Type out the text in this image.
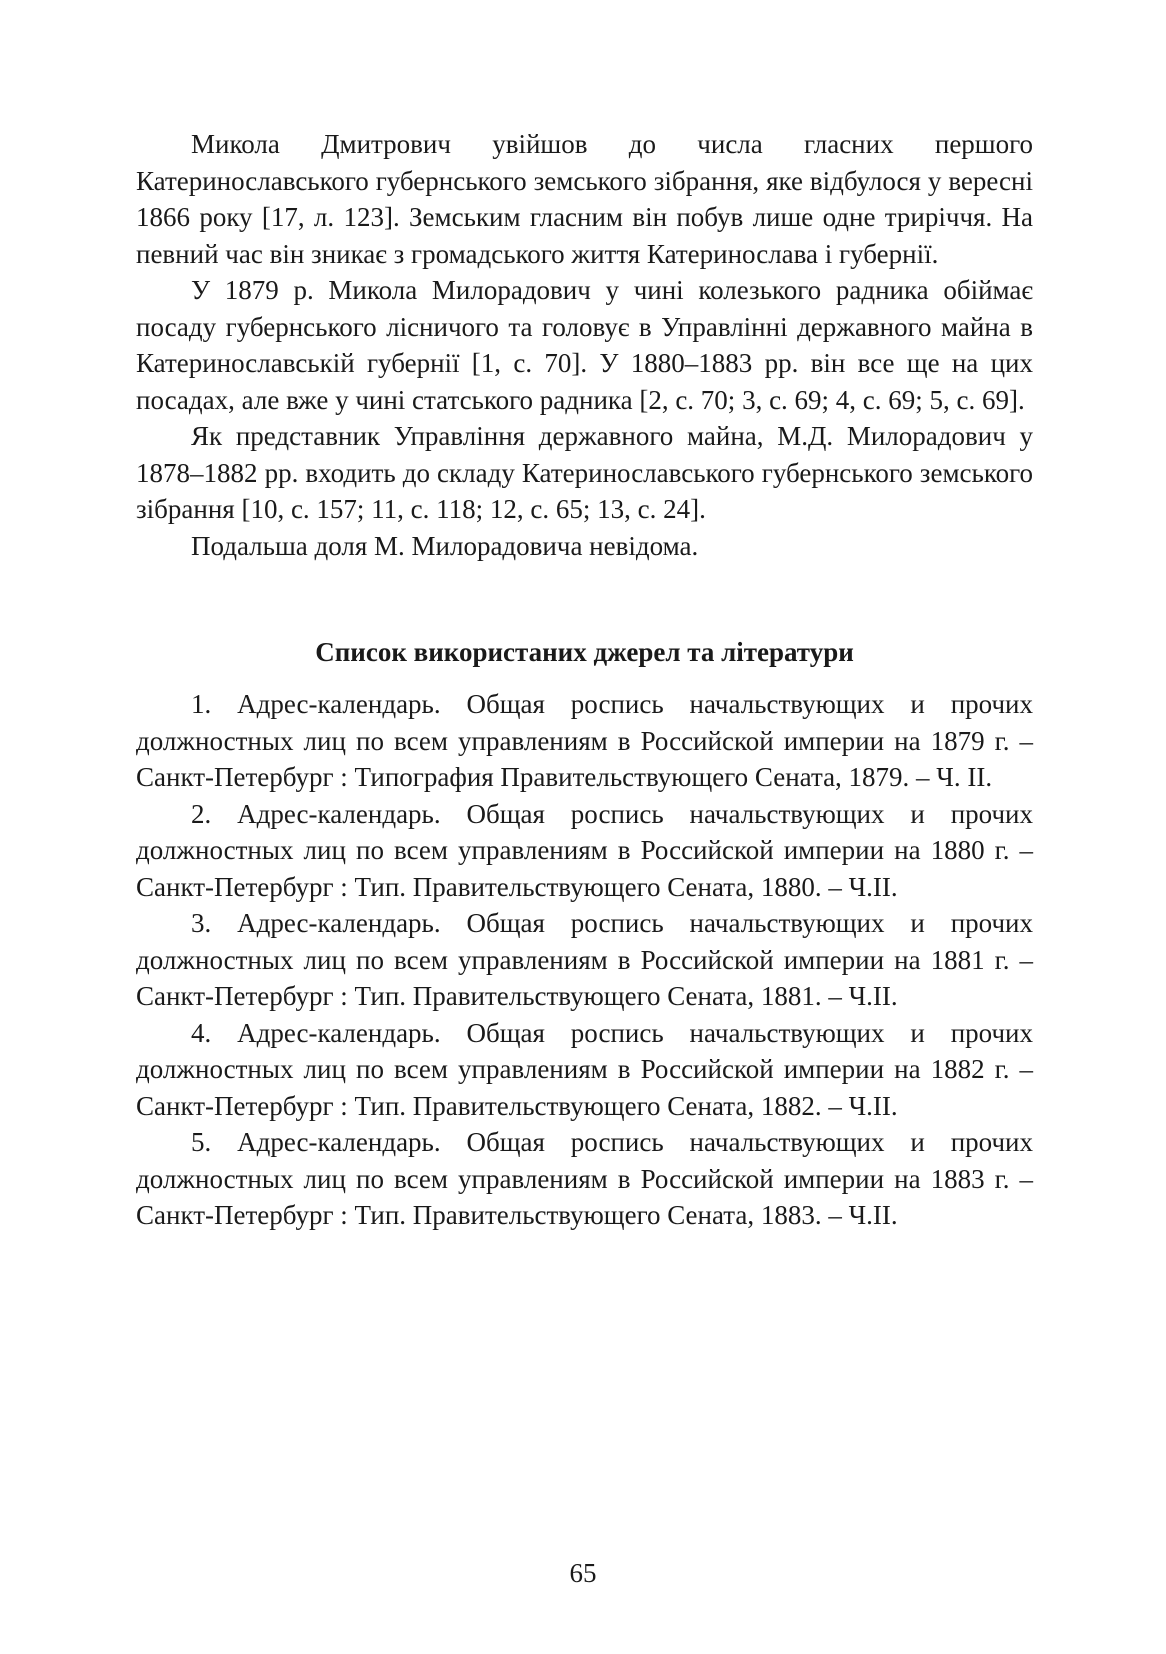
Микола Дмитрович увійшов до числа гласних першого Катеринославського губернського земського зібрання, яке відбулося у вересні 1866 року [17, л. 123]. Земським гласним він побув лише одне триріччя. На певний час він зникає з громадського життя Катеринослава і губернії.

У 1879 р. Микола Милорадович у чині колезького радника обіймає посаду губернського лісничого та головує в Управлінні державного майна в Катеринославській губернії [1, с. 70]. У 1880–1883 рр. він все ще на цих посадах, але вже у чині статського радника [2, с. 70; 3, с. 69; 4, с. 69; 5, с. 69].

Як представник Управління державного майна, М.Д. Милорадович у 1878–1882 рр. входить до складу Катеринославського губернського земського зібрання [10, с. 157; 11, с. 118; 12, с. 65; 13, с. 24].

Подальша доля М. Милорадовича невідома.

Список використаних джерел та літератури

1. Адрес-календарь. Общая роспись начальствующих и прочих должностных лиц по всем управлениям в Российской империи на 1879 г. – Санкт-Петербург : Типография Правительствующего Сената, 1879. – Ч. II.

2. Адрес-календарь. Общая роспись начальствующих и прочих должностных лиц по всем управлениям в Российской империи на 1880 г. – Санкт-Петербург : Тип. Правительствующего Сената, 1880. – Ч.II.

3. Адрес-календарь. Общая роспись начальствующих и прочих должностных лиц по всем управлениям в Российской империи на 1881 г. – Санкт-Петербург : Тип. Правительствующего Сената, 1881. – Ч.II.

4. Адрес-календарь. Общая роспись начальствующих и прочих должностных лиц по всем управлениям в Российской империи на 1882 г. – Санкт-Петербург : Тип. Правительствующего Сената, 1882. – Ч.II.

5. Адрес-календарь. Общая роспись начальствующих и прочих должностных лиц по всем управлениям в Российской империи на 1883 г. – Санкт-Петербург : Тип. Правительствующего Сената, 1883. – Ч.II.

65
